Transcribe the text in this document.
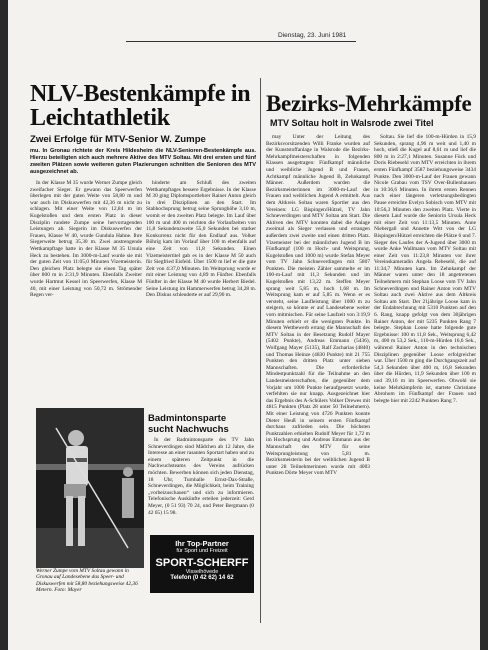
Dienstag, 23. Juni 1981
NLV-Bestenkämpfe in Leichtathletik
Zwei Erfolge für MTV-Senior W. Zumpe
mu. In Gronau richtete der Kreis Hildesheim die NLV-Senioren-Bestenkämpfe aus. Hierzu beteiligten sich auch mehrere Aktive des MTV Soltau. Mit drei ersten und fünf zweiten Plätzen sowie weiteren guten Plazierungen schnitten die Senioren des MTV ausgezeichnet ab.

In der Klasse M 35 wurde Werner Zumpe gleich zweifacher Sieger. Er gewann das Speerwerfen überlegen mit der guten Weite von 58,80 m und war auch im Diskuswerfen mit 42,36 m nicht zu schlagen. Mit einer Weite von 12,84 m im Kugelstoßen und dem ersten Platz in dieser Disziplin rundete Zumpe seine hervorragenden Leistungen ab. Siegerin im Diskuswerfen der Frauen, Klasse W 40, wurde Gundula Hahne. Ihre Siegerweite betrug 35,30 m. Zwei anstrengende Wettkampftage hatte in der Klasse M 35 Ursula Heck zu bestehen. Im 3000-m-Lauf wurde sie mit der guten Zeit von 11:05,0 Minuten Vizemeisterin. Den gleichen Platz belegte sie einen Tag später über 800 m in 2:31,9 Minuten. Ebenfalls Zweiter wurde Hartmut Kessel im Speerwerfen, Klasse M 40, mit einer Leistung von 50,72 m. Strömender Regen ver-

hinderte am Schluß des zweiten Wettkampftages bessere Ergebnisse. In der Klasse M 30 ging Diplomsportlehrer Rainer Anton gleich in drei Disziplinen an den Start. Im Stabhochsprung betrug seine Sprunghöhe 3,10 m, womit er den zweiten Platz belegte. Im Lauf über 100 m und 400 m reichten die Vorlaufzeiten von 11,8 Sekundenzweite 55,0 Sekunden bei starker Konkurrenz nicht für den Endlauf aus. Volker Böhrig kam im Vorlauf über 100 m ebenfalls auf eine Zeit von 11,8 Sekunden. Einen Vizemeistertitel gab es in der Klasse M 50 auch für Siegfried Eisfeld. Über 1500 m lief er die gute Zeit von 4:37,0 Minuten. Im Weitsprung wurde er mit einer Leistung von 4,89 m Fünfter. Ebenfalls Fünfter in der Klasse M 40 wurde Herbert Biedel. Seine Leistung im Hammerwerfen betrug 34,28 m. Den Diskus schleuderte er auf 29,90 m.

Werner Zumpe vom MTV Soltau gewann in Gronau auf Landesebene das Speer- und Diskuswerfen mit 58,80 beziehungsweise 42,36 Metern. Foto: Mayer
Badmintonsparte sucht Nachwuchs

In der Badmintonsparte des TV Jahn Schneverdingen sind Mädchen ab 12 Jahre, die Interesse an einer rasanten Sportart haben und zu einem späteren Zeitpunkt in die Nachwuchsteams des Vereins aufrücken möchten. Bewerben können sich jeden Dienstag, 18 Uhr, Turnhalle Ernst-Dax-Straße, Schneverdingen, die Möglichkeit, beim Training „vorbeizuschauen“ und sich zu informieren. Telefonische Auskünfte erteilen jederzeit: Gerd Meyer, (0 51 93) 70 24, und Peter Bergmann (0 42 65) 15 98.

Ihr Top-Partner
für Sport und Freizeit
SPORT-SCHERFF
Visselhövede
Telefon (0 42 62) 14 62
Bezirks-Mehrkämpfe
MTV Soltau holt in Walsrode zwei Titel

may Unter der Leitung des Bezirksvorsitzenden Willi Franke wurden auf der Kunststoffanlage in Walsrode die Bezirks-Mehrkampfmeisterschaften in folgenden Klassen ausgetragen: Fünfkampf männliche und weibliche Jugend B und Frauen, Achtkampf männliche Jugend B, Zehnkampf Männer. Außerdem wurden die Bezirksmeisterinnen im 3000-m-Lauf der Frauen und weiblichen Jugend A ermittelt. Aus dem Altkreis Soltau waren Sportler aus den Vereinen: LG Bispingen/Hützel, TV Jahn Schneverdingen und MTV Soltau am Start. Die Aktiven des MTV konnten dabei die Anlage zweimal als Sieger verlassen und errangen außerdem zwei zweite und einen dritten Platz. Vizemeister bei der männlichen Jugend B im Fünfkampf (100 m Hoch- und Weitsprung, Kugelstoßen und 1000 m) wurde Stefan Meyer vom TV Jahn Schneverdingen mit 5807 Punkten. Die meisten Zähler sammelte er im 100-m-Lauf mit 11,3 Sekunden und im Kugelstoßen mit 13,22 m. Steffen Meyer sprang weit 5,85 m, hoch 1,68 m. Im Weitsprung kam er auf 5,85 m. Wenn er es versteht, seine Laufleistung über 1000 m zu steigern, so könnte er auf Landesebene weiter vorn mitmischen. Für seine Laufzeit von 3:19,9 Minuten erhielt er die wenigsten Punkte. In diesem Wettbewerb errang die Mannschaft des MTV Soltau in der Besetzung Rudolf Mayer (5402 Punkte), Andreas Emmann (5436), Wolfgang Mayer (5135), Ralf Zacharias (4840) und Thomas Heinze (4830 Punkte) mit 21 755 Punkten den dritten Platz unter sieben Mannschaften. Die erforderliche Mindestpunktzahl für die Teilnahme an den Landesmeisterschaften, die gegenüber dem Vorjahr um 1000 Punkte heraufgesetzt wurde, verfehlten sie nur knapp. Ausgezeichnet hier das Ergebnis des A-Schülers Volker Drewes mit 4815 Punkten (Platz 28 unter 50 Teilnehmern). Mit einer Leistung von 4726 Punkten konnte Dieter Heuß in seinem ersten Fünfkampf durchaus zufrieden sein. Die höchsten Punktzahlen erhielten Rudolf Meyer für 1,72 m im Hochsprung und Andreas Emmann aus der Mannschaft des MTV für seine Weitsprungleistung von 5,81 m. Bezirksmeisterin bei der weiblichen Jugend B unter 28 Teilnehmerinnen wurde mit 4003 Punkten Dörte Meyer vom MTV

Soltau. Sie lief die 100-m-Hürden in 15,9 Sekunden, sprang 4,96 m weit und 1,40 m hoch, stieß die Kugel auf 8,61 m und lief die 800 m in 2:27,1 Minuten. Susanne Fück und Doris Riebesehl vom MTV erreichten in ihrem ersten Fünfkampf 3587 beziehungsweise 3434 Punkte. Den 3000-m-Lauf der Frauen gewann Nicole Grabau vom TSV Over-Bullenhausen in 10:36,6 Minuten. In ihrem ersten Rennen nach einer längeren verletzungsbedingten Pause erreichte Evelyn Sobisch vom MTV mit 10:56,3 Minuten den zweiten Platz. Vierte in diesem Lauf wurde die Seniorin Ursula Heck mit einer Zeit von 11:13,5 Minuten. Anne Niebergall und Annette Witt von der LG Bispingen/Hützel erreichten die Plätze 6 und 7. Sieger des Laufes der A-Jugend über 3000 m wurde Anke Wallmann vom MTV Soltau mit einer Zeit von 11:23,8 Minuten vor ihrer Vereinskameradin Angela Rebesehl, die auf 11:34,7 Minuten kam. Im Zehnkampf der Männer waren unter den 18 angetretenen Teilnehmern mit Stephan Loose vom TV Jahn Schneverdingen und Rainer Anton vom MTV Soltau auch zwei Aktive aus dem Altkreis Soltau am Start. Der 21jährige Loose kam in der Endabrechnung mit 5310 Punkten auf den 6. Rang, knapp gefolgt von dem 30jährigen Rainer Anton, der mit 5235 Punkten Rang 7 belegte. Stephan Loose hatte folgende gute Ergebnisse: 100 m 11,8 Sek., Weitsprung 6,42 m, 400 m 53,2 Sek., 110-m-Hürden 16,6 Sek., während Rainer Anton in den technischen Disziplinen gegenüber Loose erfolgreicher war. Über 1500 m ging die Durchgangszeit auf 54,3 Sekunden über 400 m, 16,8 Sekunden über die Hürden, 11,9 Sekunden über 100 m und 39,16 m im Speerwerfen. Obwohl sie keine Mehrkämpferin ist, startete Christiane Abrohom im Fünfkampf der Frauen und belegte hier mit 2242 Punkten Rang 7.
